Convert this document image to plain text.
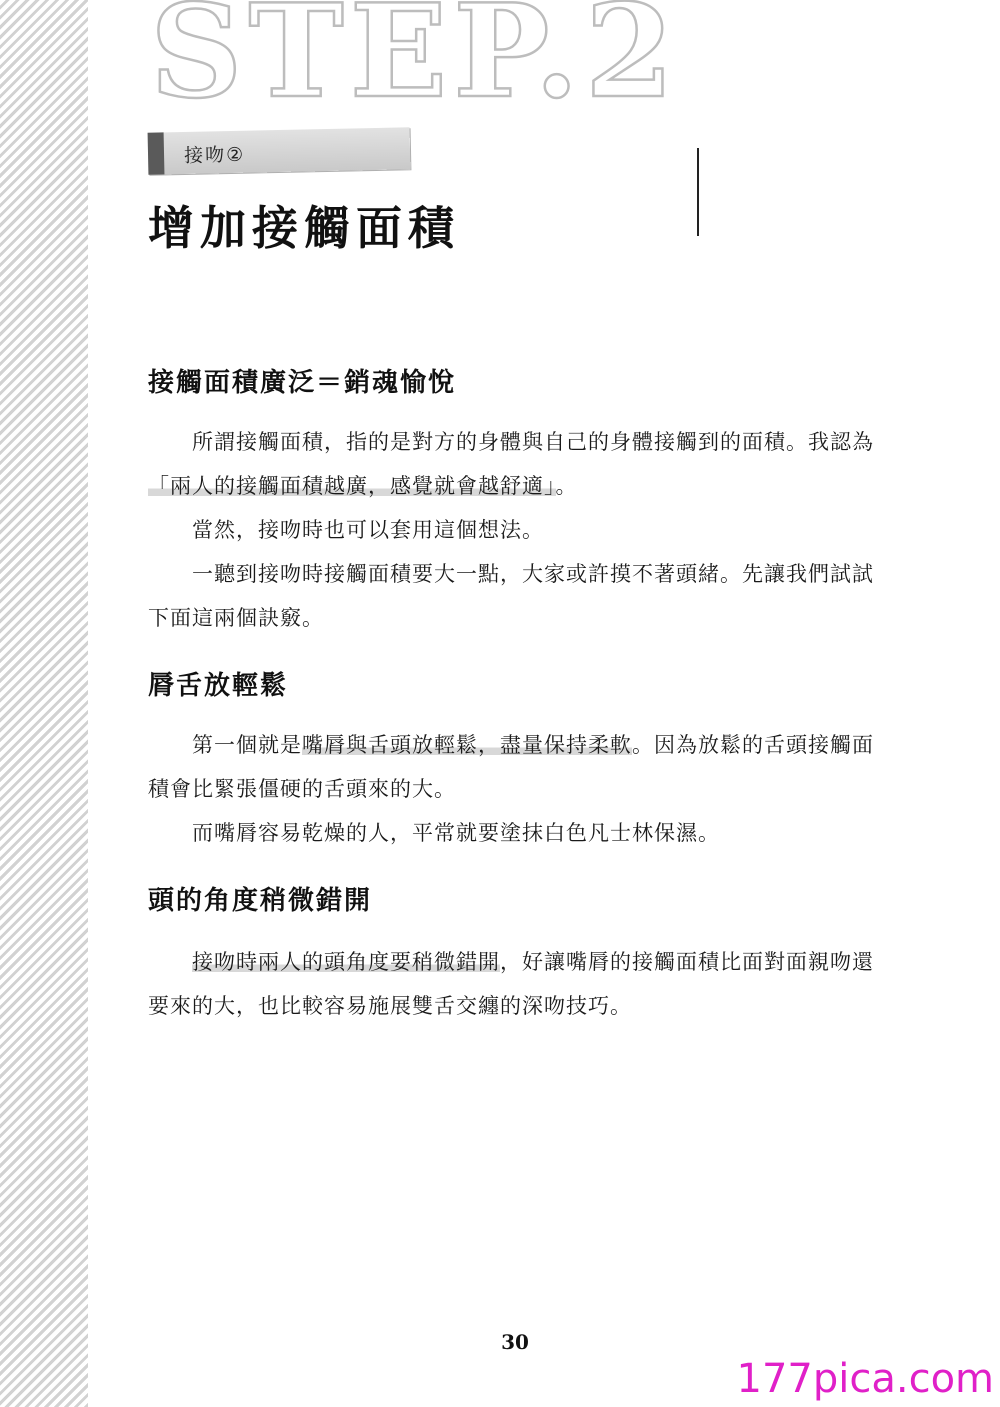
STEP.2
接吻②
增加接觸面積
接觸面積廣泛＝銷魂愉悅

所謂接觸面積，指的是對方的身體與自己的身體接觸到的面積。我認為「兩人的接觸面積越廣，感覺就會越舒適」。

當然，接吻時也可以套用這個想法。

一聽到接吻時接觸面積要大一點，大家或許摸不著頭緒。先讓我們試試下面這兩個訣竅。

脣舌放輕鬆

第一個就是嘴脣與舌頭放輕鬆，盡量保持柔軟。因為放鬆的舌頭接觸面積會比緊張僵硬的舌頭來的大。

而嘴脣容易乾燥的人，平常就要塗抹白色凡士林保濕。

頭的角度稍微錯開

接吻時兩人的頭角度要稍微錯開，好讓嘴脣的接觸面積比面對面親吻還要來的大，也比較容易施展雙舌交纏的深吻技巧。

30
177pica.com
